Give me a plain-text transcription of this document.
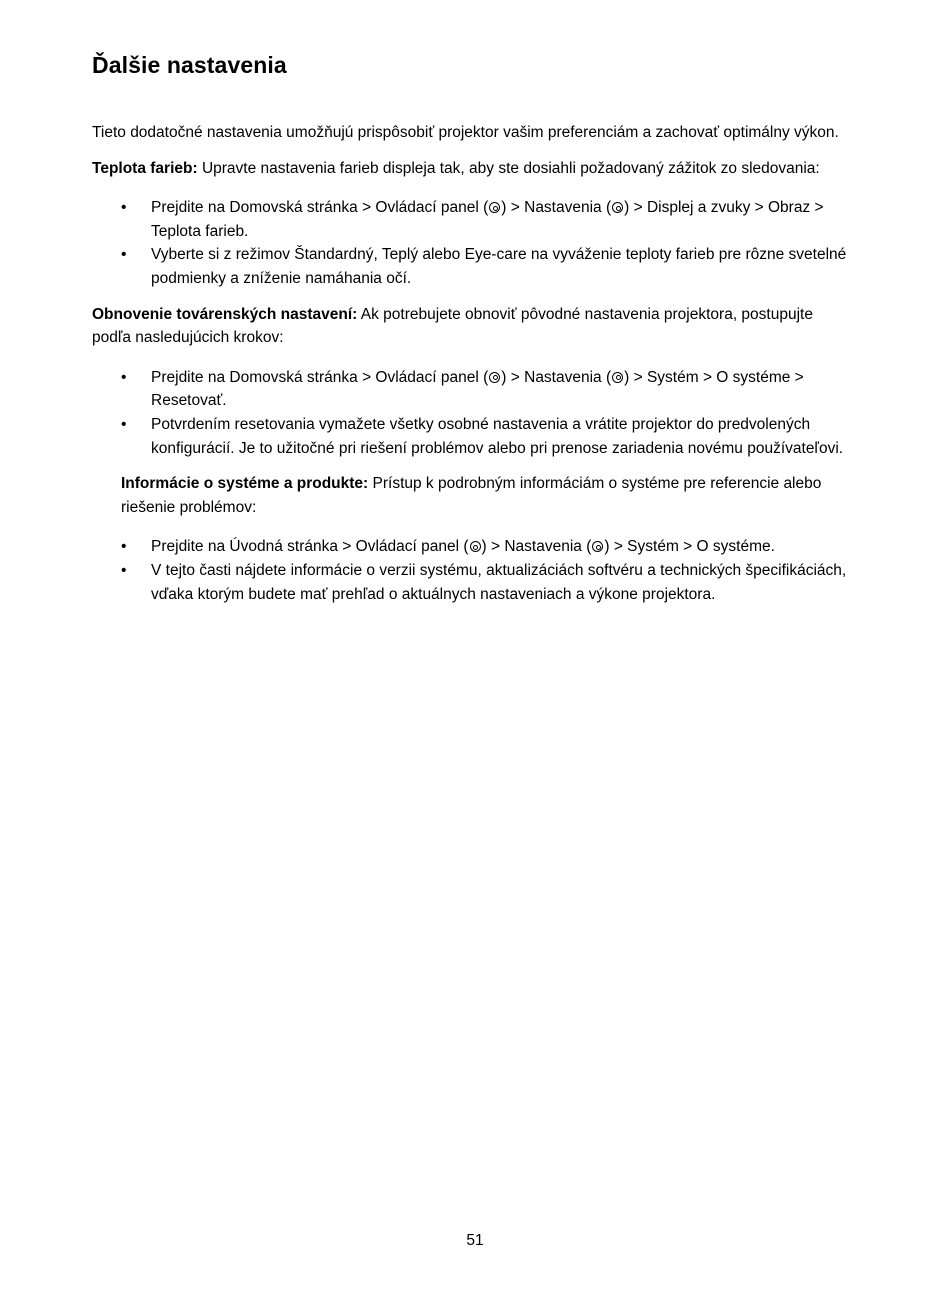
Ďalšie nastavenia

Tieto dodatočné nastavenia umožňujú prispôsobiť projektor vašim preferenciám a zachovať optimálny výkon.

Teplota farieb: Upravte nastavenia farieb displeja tak, aby ste dosiahli požadovaný zážitok zo sledovania:

• Prejdite na Domovská stránka > Ovládací panel ( ) > Nastavenia ( ) > Displej a zvuky > Obraz > Teplota farieb.
• Vyberte si z režimov Štandardný, Teplý alebo Eye-care na vyváženie teploty farieb pre rôzne svetelné podmienky a zníženie namáhania očí.

Obnovenie továrenských nastavení: Ak potrebujete obnoviť pôvodné nastavenia projektora, postupujte podľa nasledujúcich krokov:

• Prejdite na Domovská stránka > Ovládací panel ( ) > Nastavenia ( ) > Systém > O systéme > Resetovať.
• Potvrdením resetovania vymažete všetky osobné nastavenia a vrátite projektor do predvolených konfigurácií. Je to užitočné pri riešení problémov alebo pri prenose zariadenia novému používateľovi.

Informácie o systéme a produkte: Prístup k podrobným informáciám o systéme pre referencie alebo riešenie problémov:

• Prejdite na Úvodná stránka > Ovládací panel ( ) > Nastavenia ( ) > Systém > O systéme.
• V tejto časti nájdete informácie o verzii systému, aktualizáciách softvéru a technických špecifikáciách, vďaka ktorým budete mať prehľad o aktuálnych nastaveniach a výkone projektora.
51
